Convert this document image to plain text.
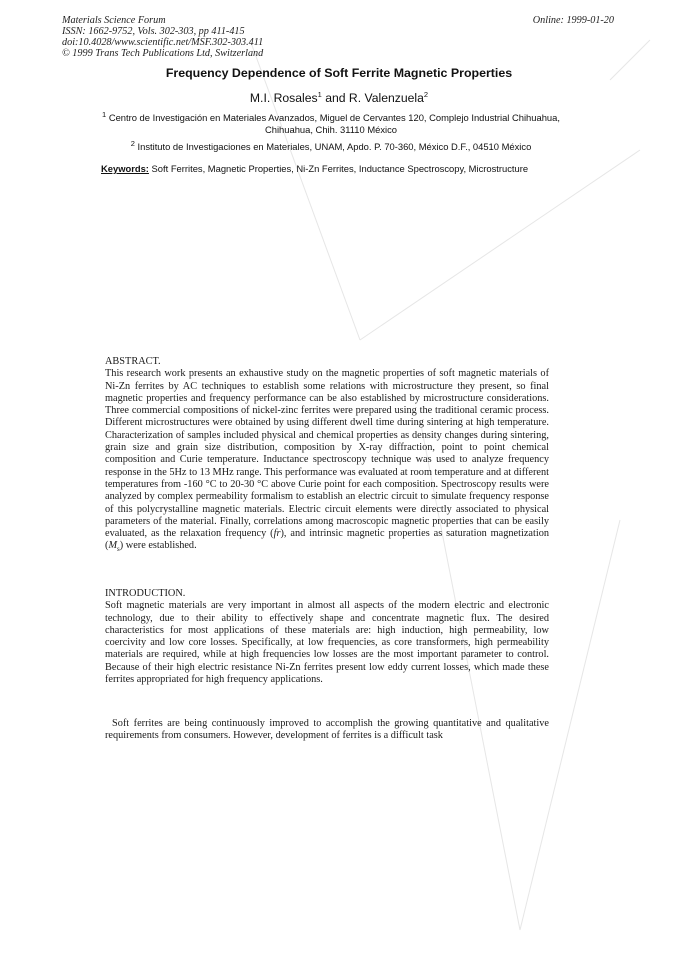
Materials Science Forum
ISSN: 1662-9752, Vols. 302-303, pp 411-415
doi:10.4028/www.scientific.net/MSF.302-303.411
© 1999 Trans Tech Publications Ltd, Switzerland
Online: 1999-01-20
Frequency Dependence of Soft Ferrite Magnetic Properties
M.I. Rosales$^1$ and R. Valenzuela$^2$
$^1$ Centro de Investigación en Materiales Avanzados, Miguel de Cervantes 120, Complejo Industrial Chihuahua, Chihuahua, Chih. 31110 México
$^2$ Instituto de Investigaciones en Materiales, UNAM, Apdo. P. 70-360, México D.F., 04510 México
Keywords: Soft Ferrites, Magnetic Properties, Ni-Zn Ferrites, Inductance Spectroscopy, Microstructure
ABSTRACT.

This research work presents an exhaustive study on the magnetic properties of soft magnetic materials of Ni-Zn ferrites by AC techniques to establish some relations with microstructure they present, so final magnetic properties and frequency performance can be also established by microstructure considerations. Three commercial compositions of nickel-zinc ferrites were prepared using the traditional ceramic process. Different microstructures were obtained by using different dwell time during sintering at high temperature. Characterization of samples included physical and chemical properties as density changes during sintering, grain size and grain size distribution, composition by X-ray diffraction, point to point chemical composition and Curie temperature. Inductance spectroscopy technique was used to analyze frequency response in the 5Hz to 13 MHz range. This performance was evaluated at room temperature and at different temperatures from -160 °C to 20-30 °C above Curie point for each composition. Spectroscopy results were analyzed by complex permeability formalism to establish an electric circuit to simulate frequency response of this polycrystalline magnetic materials. Electric circuit elements were directly associated to physical parameters of the material. Finally, correlations among macroscopic magnetic properties that can be easily evaluated, as the relaxation frequency (fr), and intrinsic magnetic properties as saturation magnetization $(M_s)$ were established.

INTRODUCTION.

Soft magnetic materials are very important in almost all aspects of the modern electric and electronic technology, due to their ability to effectively shape and concentrate magnetic flux. The desired characteristics for most applications of these materials are: high induction, high permeability, low coercivity and low core losses. Specifically, at low frequencies, as core transformers, high permeability materials are required, while at high frequencies low losses are the most important parameter to control. Because of their high electric resistance Ni-Zn ferrites present low eddy current losses, which made these ferrites appropriated for high frequency applications.

Soft ferrites are being continuously improved to accomplish the growing quantitative and qualitative requirements from consumers. However, development of ferrites is a difficult task
